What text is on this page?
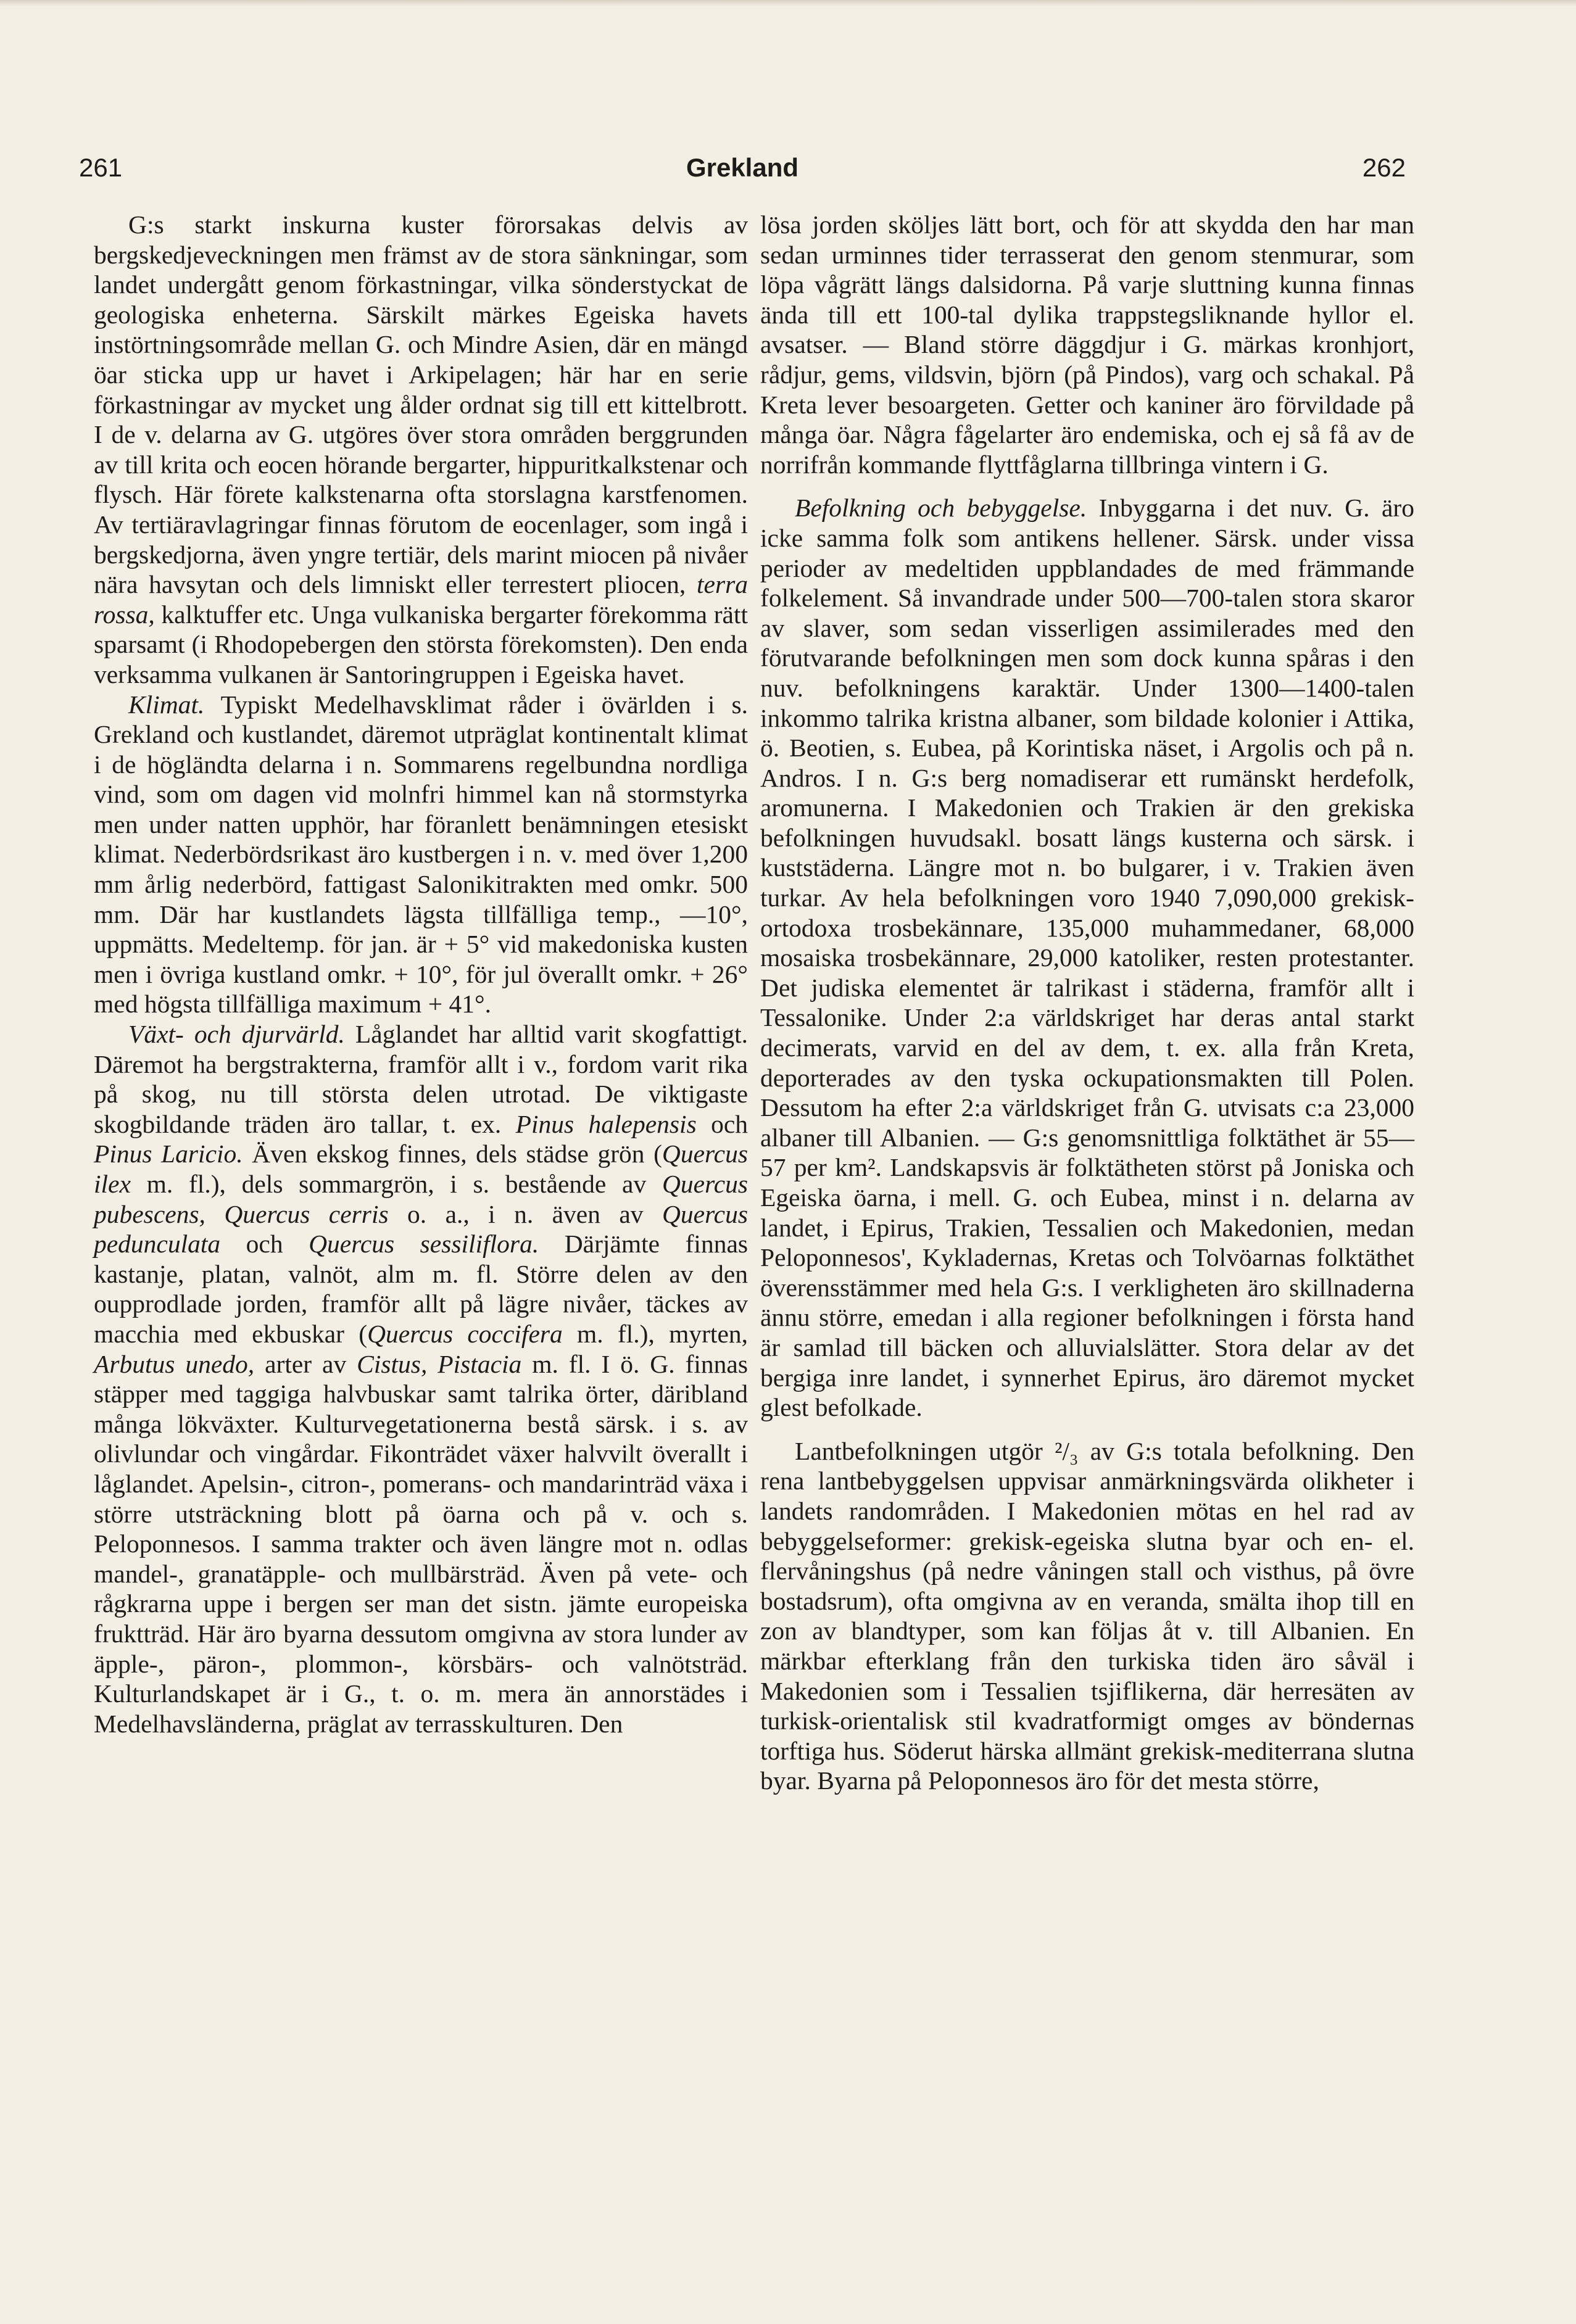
261	Grekland	262

G:s starkt inskurna kuster förorsakas delvis av bergskedjeveckningen men främst av de stora sänkningar, som landet undergått genom förkastningar, vilka sönderstyckat de geologiska enheterna. Särskilt märkes Egeiska havets instörtningsområde mellan G. och Mindre Asien, där en mängd öar sticka upp ur havet i Arkipelagen; här har en serie förkastningar av mycket ung ålder ordnat sig till ett kittelbrott. I de v. delarna av G. utgöres över stora områden berggrunden av till krita och eocen hörande bergarter, hippuritkalkstenar och flysch. Här förete kalkstenarna ofta storslagna karstfenomen. Av tertiäravlagringar finnas förutom de eocenlager, som ingå i bergskedjorna, även yngre tertiär, dels marint miocen på nivåer nära havsytan och dels limniskt eller terrestert pliocen, terra rossa, kalktuffer etc. Unga vulkaniska bergarter förekomma rätt sparsamt (i Rhodopebergen den största förekomsten). Den enda verksamma vulkanen är Santoringruppen i Egeiska havet.

Klimat. Typiskt Medelhavsklimat råder i övärlden i s. Grekland och kustlandet, däremot utpräglat kontinentalt klimat i de högländta delarna i n. Sommarens regelbundna nordliga vind, som om dagen vid molnfri himmel kan nå stormstyrka men under natten upphör, har föranlett benämningen etesiskt klimat. Nederbördsrikast äro kustbergen i n. v. med över 1,200 mm årlig nederbörd, fattigast Salonikitrakten med omkr. 500 mm. Där har kustlandets lägsta tillfälliga temp., —10°, uppmätts. Medeltemp. för jan. är + 5° vid makedoniska kusten men i övriga kustland omkr. + 10°, för jul överallt omkr. + 26° med högsta tillfälliga maximum + 41°.

Växt- och djurvärld. Låglandet har alltid varit skogfattigt. Däremot ha bergstrakterna, framför allt i v., fordom varit rika på skog, nu till största delen utrotad. De viktigaste skogbildande träden äro tallar, t. ex. Pinus halepensis och Pinus Laricio. Även ekskog finnes, dels städse grön (Quercus ilex m. fl.), dels sommargrön, i s. bestående av Quercus pubescens, Quercus cerris o. a., i n. även av Quercus pedunculata och Quercus sessiliflora. Därjämte finnas kastanje, platan, valnöt, alm m. fl. Större delen av den oupprodlade jorden, framför allt på lägre nivåer, täckes av macchia med ekbuskar (Quercus coccifera m. fl.), myrten, Arbutus unedo, arter av Cistus, Pistacia m. fl. I ö. G. finnas stäpper med taggiga halvbuskar samt talrika örter, däribland många lökväxter. Kulturvegetationerna bestå särsk. i s. av olivlundar och vingårdar. Fikonträdet växer halvvilt överallt i låglandet. Apelsin-, citron-, pomerans- och mandarinträd växa i större utsträckning blott på öarna och på v. och s. Peloponnesos. I samma trakter och även längre mot n. odlas mandel-, granatäpple- och mullbärsträd. Även på vete- och rågkrarna uppe i bergen ser man det sistn. jämte europeiska fruktträd. Här äro byarna dessutom omgivna av stora lunder av äpple-, päron-, plommon-, körsbärs- och valnötsträd. Kulturlandskapet är i G., t. o. m. mera än annorstädes i Medelhavsländerna, präglat av terrasskulturen. Den

lösa jorden sköljes lätt bort, och för att skydda den har man sedan urminnes tider terrasserat den genom stenmurar, som löpa vågrätt längs dalsidorna. På varje sluttning kunna finnas ända till ett 100-tal dylika trappstegsliknande hyllor el. avsatser. — Bland större däggdjur i G. märkas kronhjort, rådjur, gems, vildsvin, björn (på Pindos), varg och schakal. På Kreta lever besoargeten. Getter och kaniner äro förvildade på många öar. Några fågelarter äro endemiska, och ej så få av de norrifrån kommande flyttfåglarna tillbringa vintern i G.

Befolkning och bebyggelse. Inbyggarna i det nuv. G. äro icke samma folk som antikens hellener. Särsk. under vissa perioder av medeltiden uppblandades de med främmande folkelement. Så invandrade under 500—700-talen stora skaror av slaver, som sedan visserligen assimilerades med den förutvarande befolkningen men som dock kunna spåras i den nuv. befolkningens karaktär. Under 1300—1400-talen inkommo talrika kristna albaner, som bildade kolonier i Attika, ö. Beotien, s. Eubea, på Korintiska näset, i Argolis och på n. Andros. I n. G:s berg nomadiserar ett rumänskt herdefolk, aromunerna. I Makedonien och Trakien är den grekiska befolkningen huvudsakl. bosatt längs kusterna och särsk. i kuststäderna. Längre mot n. bo bulgarer, i v. Trakien även turkar. Av hela befolkningen voro 1940 7,090,000 grekisk-ortodoxa trosbekännare, 135,000 muhammedaner, 68,000 mosaiska trosbekännare, 29,000 katoliker, resten protestanter. Det judiska elementet är talrikast i städerna, framför allt i Tessalonike. Under 2:a världskriget har deras antal starkt decimerats, varvid en del av dem, t. ex. alla från Kreta, deporterades av den tyska ockupationsmakten till Polen. Dessutom ha efter 2:a världskriget från G. utvisats c:a 23,000 albaner till Albanien. — G:s genomsnittliga folktäthet är 55—57 per km². Landskapsvis är folktätheten störst på Joniska och Egeiska öarna, i mell. G. och Eubea, minst i n. delarna av landet, i Epirus, Trakien, Tessalien och Makedonien, medan Peloponnesos', Kykladernas, Kretas och Tolvöarnas folktäthet överensstämmer med hela G:s. I verkligheten äro skillnaderna ännu större, emedan i alla regioner befolkningen i första hand är samlad till bäcken och alluvialslätter. Stora delar av det bergiga inre landet, i synnerhet Epirus, äro däremot mycket glest befolkade.

Lantbefolkningen utgör ²/₃ av G:s totala befolkning. Den rena lantbebyggelsen uppvisar anmärkningsvärda olikheter i landets randområden. I Makedonien mötas en hel rad av bebyggelseformer: grekisk-egeiska slutna byar och en- el. flervåningshus (på nedre våningen stall och visthus, på övre bostadsrum), ofta omgivna av en veranda, smälta ihop till en zon av blandtyper, som kan följas åt v. till Albanien. En märkbar efterklang från den turkiska tiden äro såväl i Makedonien som i Tessalien tsjiflikerna, där herresäten av turkisk-orientalisk stil kvadratformigt omges av böndernas torftiga hus. Söderut härska allmänt grekisk-mediterrana slutna byar. Byarna på Peloponnesos äro för det mesta större,
